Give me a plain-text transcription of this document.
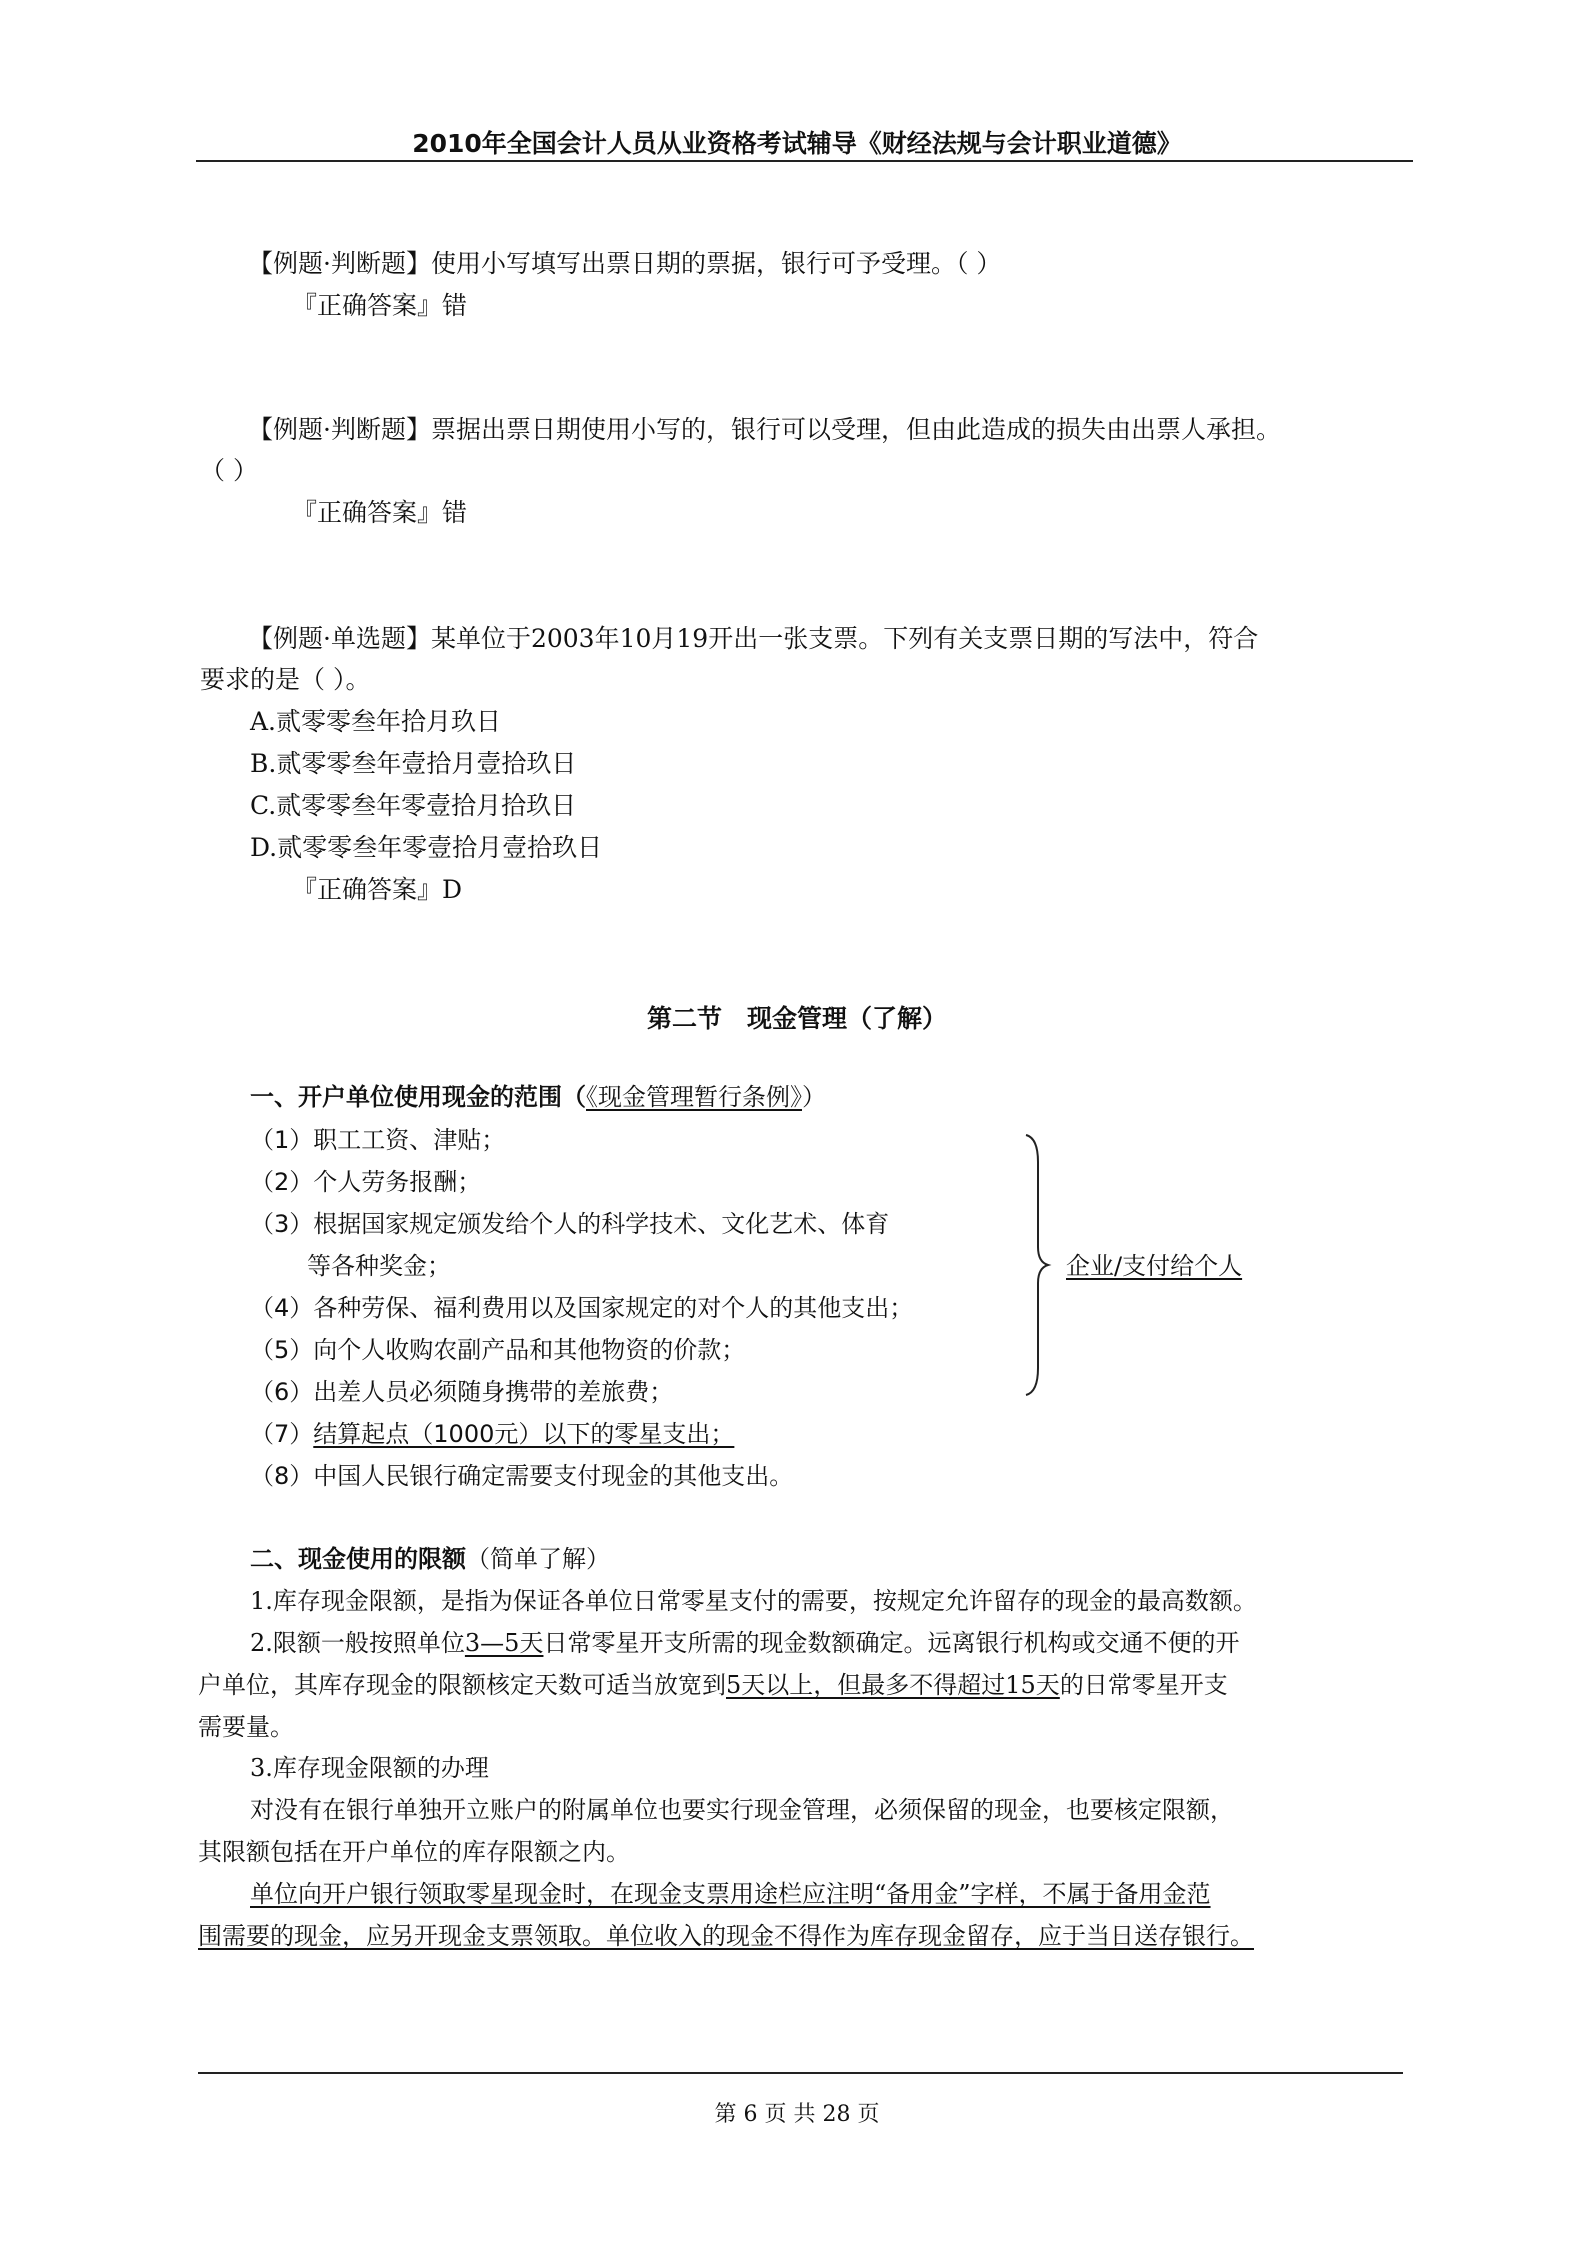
2010年全国会计人员从业资格考试辅导《财经法规与会计职业道德》
【例题·判断题】使用小写填写出票日期的票据，银行可予受理。（ ）
『正确答案』错
【例题·判断题】票据出票日期使用小写的，银行可以受理，但由此造成的损失由出票人承担。
（ ）
『正确答案』错
【例题·单选题】某单位于2003年10月19开出一张支票。下列有关支票日期的写法中，符合
要求的是（ ）。
A.贰零零叁年拾月玖日
B.贰零零叁年壹拾月壹拾玖日
C.贰零零叁年零壹拾月拾玖日
D.贰零零叁年零壹拾月壹拾玖日
『正确答案』D
第二节　现金管理（了解）
一、开户单位使用现金的范围（《现金管理暂行条例》）
（1）职工工资、津贴；
（2）个人劳务报酬；
（3）根据国家规定颁发给个人的科学技术、文化艺术、体育
等各种奖金；
（4）各种劳保、福利费用以及国家规定的对个人的其他支出；
（5）向个人收购农副产品和其他物资的价款；
（6）出差人员必须随身携带的差旅费；
（7）结算起点（1000元）以下的零星支出；
（8）中国人民银行确定需要支付现金的其他支出。
企业/支付给个人
二、现金使用的限额（简单了解）
1.库存现金限额，是指为保证各单位日常零星支付的需要，按规定允许留存的现金的最高数额。
2.限额一般按照单位3—5天日常零星开支所需的现金数额确定。远离银行机构或交通不便的开
户单位，其库存现金的限额核定天数可适当放宽到5天以上，但最多不得超过15天的日常零星开支
需要量。
3.库存现金限额的办理
对没有在银行单独开立账户的附属单位也要实行现金管理，必须保留的现金，也要核定限额，
其限额包括在开户单位的库存限额之内。
单位向开户银行领取零星现金时，在现金支票用途栏应注明“备用金”字样，不属于备用金范
围需要的现金，应另开现金支票领取。单位收入的现金不得作为库存现金留存，应于当日送存银行。
第 6 页 共 28 页
